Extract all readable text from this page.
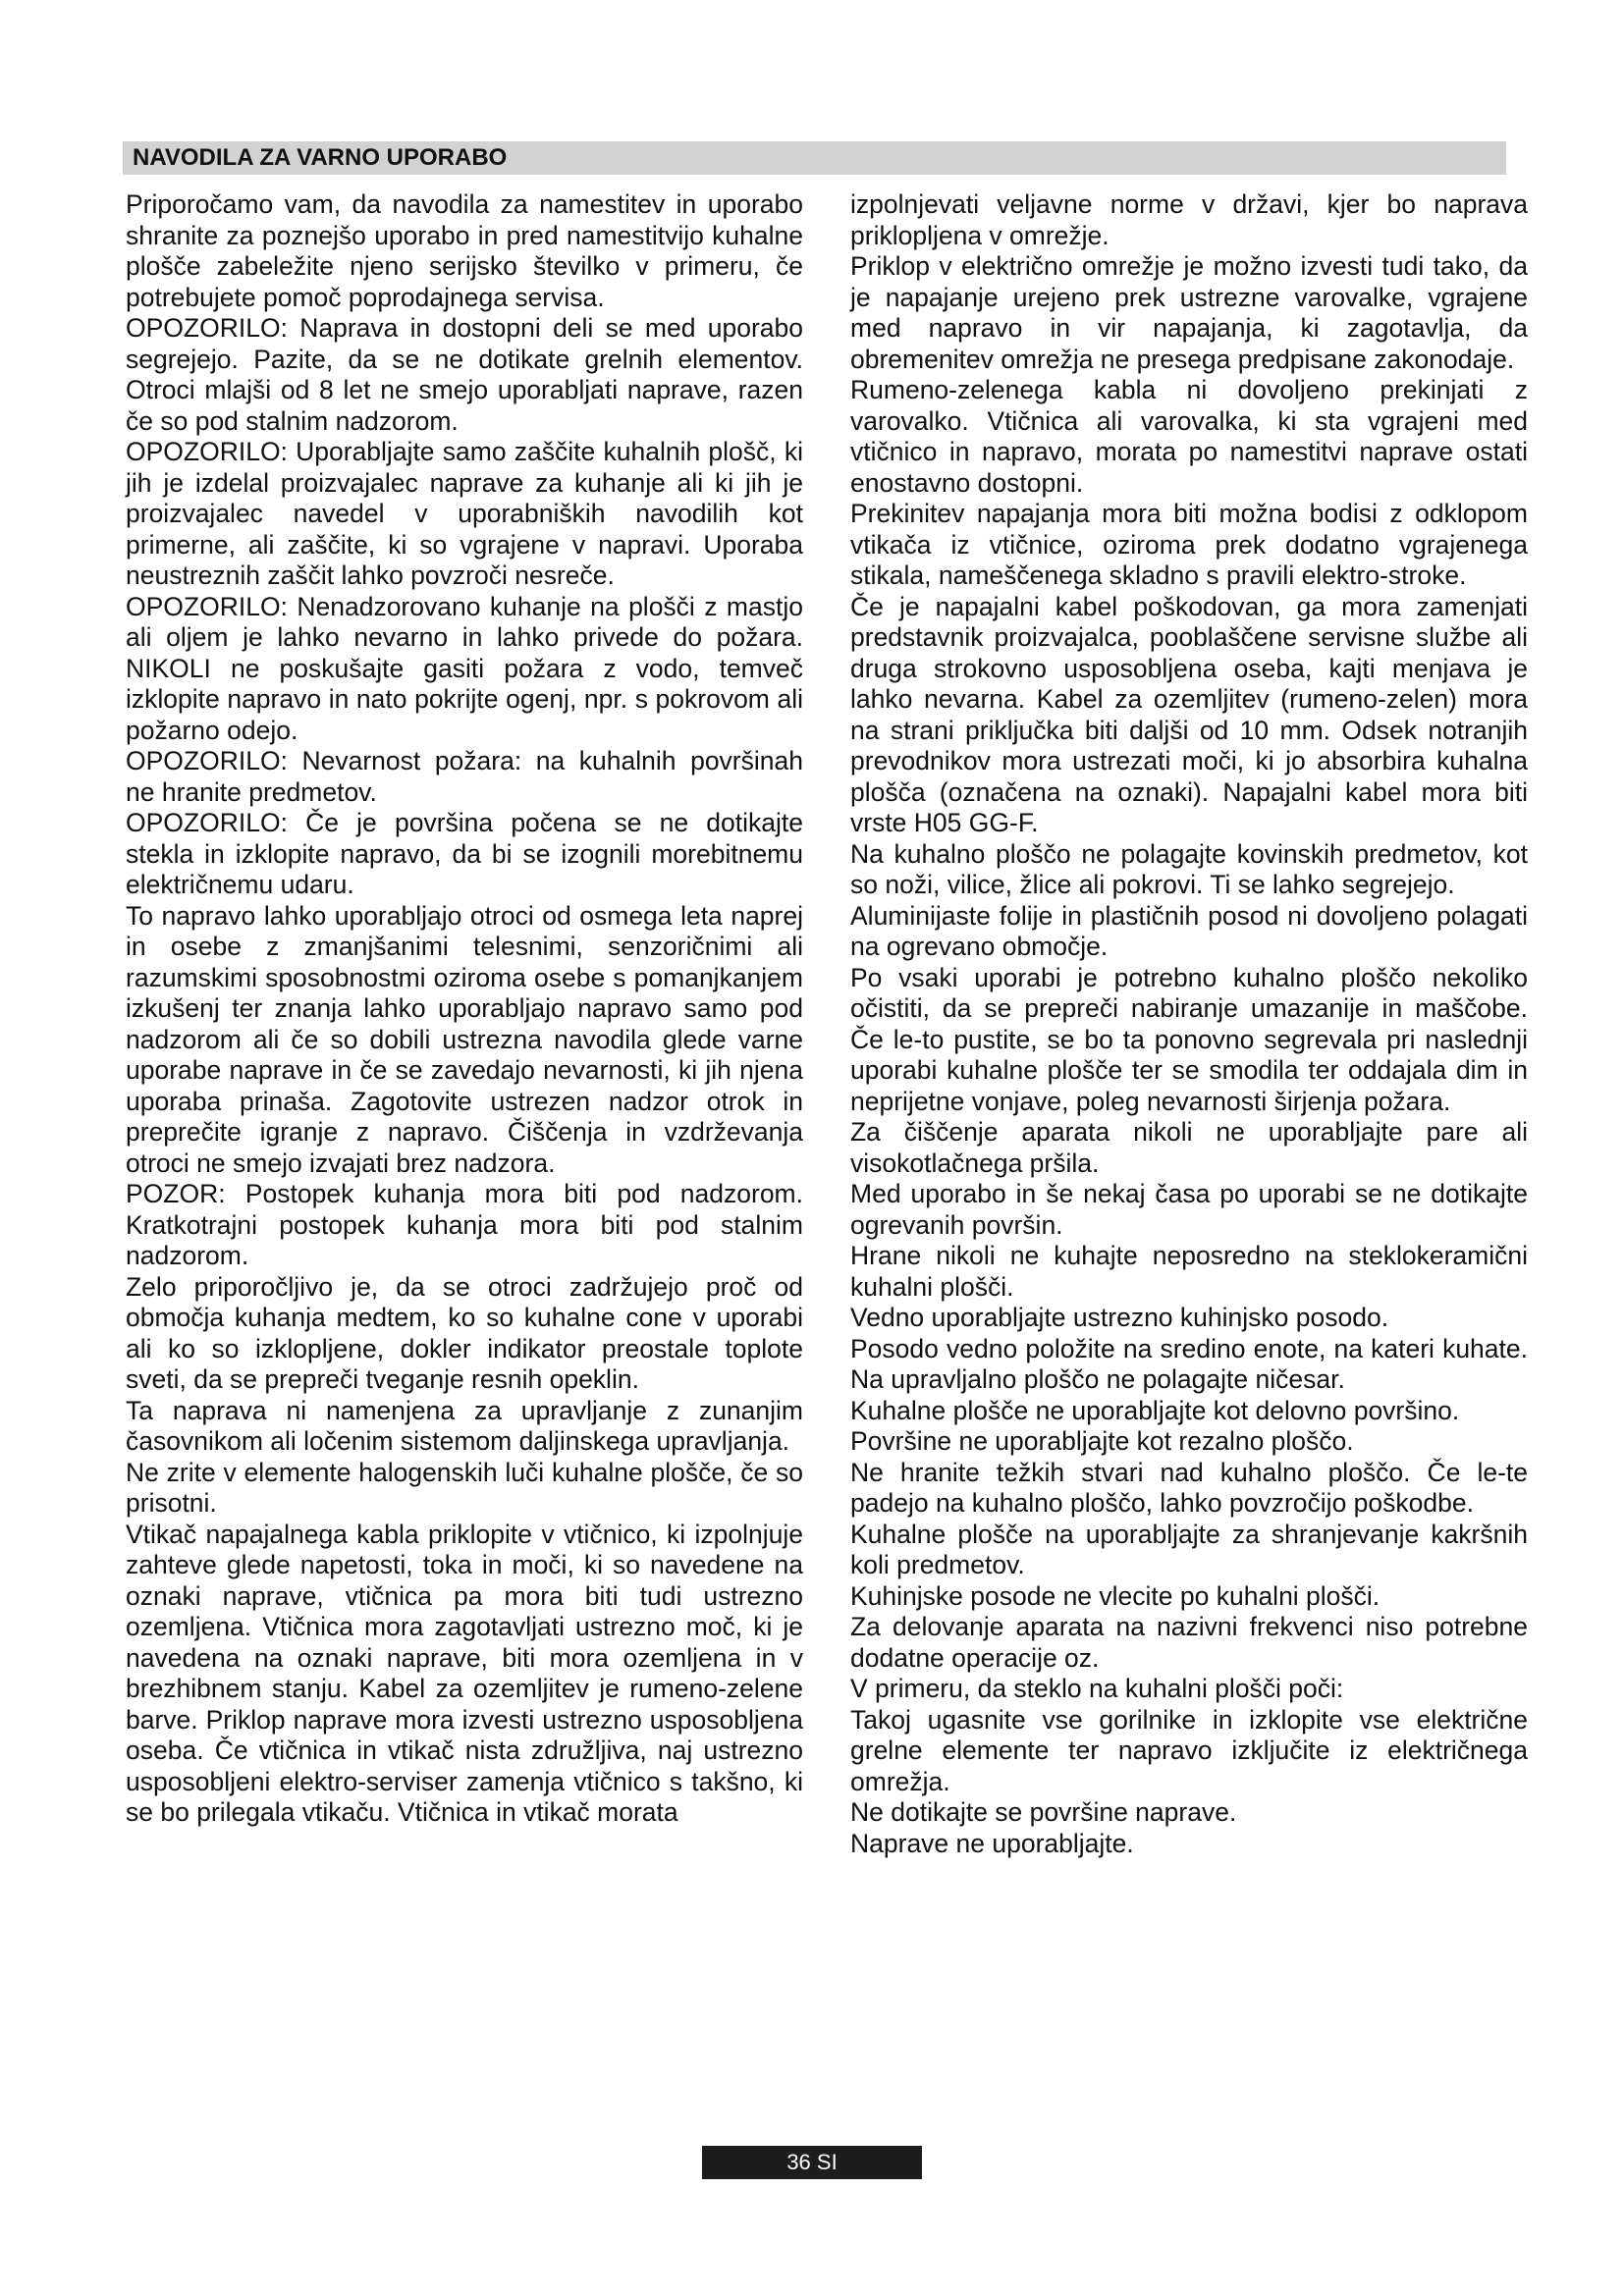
NAVODILA ZA VARNO UPORABO

Priporočamo vam, da navodila za namestitev in uporabo shranite za poznejšo uporabo in pred namestitvijo kuhalne plošče zabeležite njeno serijsko številko v primeru, če potrebujete pomoč poprodajnega servisa.

OPOZORILO: Naprava in dostopni deli se med uporabo segrejejo. Pazite, da se ne dotikate grelnih elementov. Otroci mlajši od 8 let ne smejo uporabljati naprave, razen če so pod stalnim nadzorom.

OPOZORILO: Uporabljajte samo zaščite kuhalnih plošč, ki jih je izdelal proizvajalec naprave za kuhanje ali ki jih je proizvajalec navedel v uporabniških navodilih kot primerne, ali zaščite, ki so vgrajene v napravi. Uporaba neustreznih zaščit lahko povzroči nesreče.

OPOZORILO: Nenadzorovano kuhanje na plošči z mastjo ali oljem je lahko nevarno in lahko privede do požara. NIKOLI ne poskušajte gasiti požara z vodo, temveč izklopite napravo in nato pokrijte ogenj, npr. s pokrovom ali požarno odejo.

OPOZORILO: Nevarnost požara: na kuhalnih površinah ne hranite predmetov.

OPOZORILO: Če je površina počena se ne dotikajte stekla in izklopite napravo, da bi se izognili morebitnemu električnemu udaru.

To napravo lahko uporabljajo otroci od osmega leta naprej in osebe z zmanjšanimi telesnimi, senzoričnimi ali razumskimi sposobnostmi oziroma osebe s pomanjkanjem izkušenj ter znanja lahko uporabljajo napravo samo pod nadzorom ali če so dobili ustrezna navodila glede varne uporabe naprave in če se zavedajo nevarnosti, ki jih njena uporaba prinaša. Zagotovite ustrezen nadzor otrok in preprečite igranje z napravo. Čiščenja in vzdrževanja otroci ne smejo izvajati brez nadzora.

POZOR: Postopek kuhanja mora biti pod nadzorom. Kratkotrajni postopek kuhanja mora biti pod stalnim nadzorom.

Zelo priporočljivo je, da se otroci zadržujejo proč od območja kuhanja medtem, ko so kuhalne cone v uporabi ali ko so izklopljene, dokler indikator preostale toplote sveti, da se prepreči tveganje resnih opeklin.

Ta naprava ni namenjena za upravljanje z zunanjim časovnikom ali ločenim sistemom daljinskega upravljanja.

Ne zrite v elemente halogenskih luči kuhalne plošče, če so prisotni.

Vtikač napajalnega kabla priklopite v vtičnico, ki izpolnjuje zahteve glede napetosti, toka in moči, ki so navedene na oznaki naprave, vtičnica pa mora biti tudi ustrezno ozemljena. Vtičnica mora zagotavljati ustrezno moč, ki je navedena na oznaki naprave, biti mora ozemljena in v brezhibnem stanju. Kabel za ozemljitev je rumeno-zelene barve. Priklop naprave mora izvesti ustrezno usposobljena oseba. Če vtičnica in vtikač nista združljiva, naj ustrezno usposobljeni elektro-serviser zamenja vtičnico s takšno, ki se bo prilegala vtikaču. Vtičnica in vtikač morata

izpolnjevati veljavne norme v državi, kjer bo naprava priklopljena v omrežje.

Priklop v električno omrežje je možno izvesti tudi tako, da je napajanje urejeno prek ustrezne varovalke, vgrajene med napravo in vir napajanja, ki zagotavlja, da obremenitev omrežja ne presega predpisane zakonodaje.

Rumeno-zelenega kabla ni dovoljeno prekinjati z varovalko. Vtičnica ali varovalka, ki sta vgrajeni med vtičnico in napravo, morata po namestitvi naprave ostati enostavno dostopni.

Prekinitev napajanja mora biti možna bodisi z odklopom vtikača iz vtičnice, oziroma prek dodatno vgrajenega stikala, nameščenega skladno s pravili elektro-stroke.

Če je napajalni kabel poškodovan, ga mora zamenjati predstavnik proizvajalca, pooblaščene servisne službe ali druga strokovno usposobljena oseba, kajti menjava je lahko nevarna. Kabel za ozemljitev (rumeno-zelen) mora na strani priključka biti daljši od 10 mm. Odsek notranjih prevodnikov mora ustrezati moči, ki jo absorbira kuhalna plošča (označena na oznaki). Napajalni kabel mora biti vrste H05 GG-F.

Na kuhalno ploščo ne polagajte kovinskih predmetov, kot so noži, vilice, žlice ali pokrovi. Ti se lahko segrejejo.

Aluminijaste folije in plastičnih posod ni dovoljeno polagati na ogrevano območje.

Po vsaki uporabi je potrebno kuhalno ploščo nekoliko očistiti, da se prepreči nabiranje umazanije in maščobe. Če le-to pustite, se bo ta ponovno segrevala pri naslednji uporabi kuhalne plošče ter se smodila ter oddajala dim in neprijetne vonjave, poleg nevarnosti širjenja požara.

Za čiščenje aparata nikoli ne uporabljajte pare ali visokotlačnega pršila.

Med uporabo in še nekaj časa po uporabi se ne dotikajte ogrevanih površin.

Hrane nikoli ne kuhajte neposredno na steklokeramični kuhalni plošči.

Vedno uporabljajte ustrezno kuhinjsko posodo.

Posodo vedno položite na sredino enote, na kateri kuhate. Na upravljalno ploščo ne polagajte ničesar.

Kuhalne plošče ne uporabljajte kot delovno površino.

Površine ne uporabljajte kot rezalno ploščo.

Ne hranite težkih stvari nad kuhalno ploščo. Če le-te padejo na kuhalno ploščo, lahko povzročijo poškodbe.

Kuhalne plošče na uporabljajte za shranjevanje kakršnih koli predmetov.

Kuhinjske posode ne vlecite po kuhalni plošči.

Za delovanje aparata na nazivni frekvenci niso potrebne dodatne operacije oz.

V primeru, da steklo na kuhalni plošči poči:

Takoj ugasnite vse gorilnike in izklopite vse električne grelne elemente ter napravo izključite iz električnega omrežja.

Ne dotikajte se površine naprave.

Naprave ne uporabljajte.

36 SI
